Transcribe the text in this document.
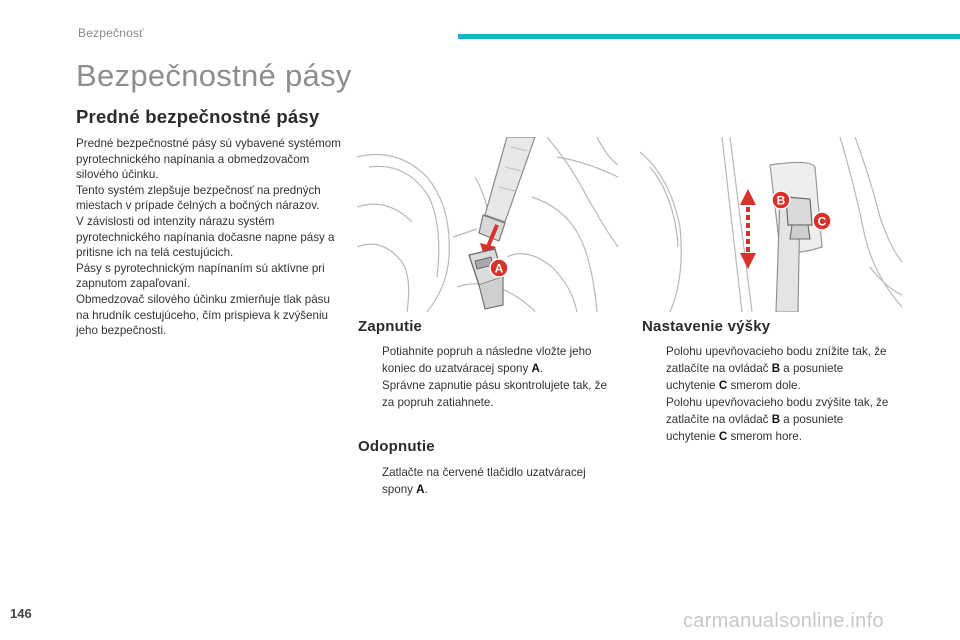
Bezpečnosť
Bezpečnostné pásy
Predné bezpečnostné pásy

Predné bezpečnostné pásy sú vybavené systémom pyrotechnického napínania a obmedzovačom silového účinku.

Tento systém zlepšuje bezpečnosť na predných miestach v prípade čelných a bočných nárazov.

V závislosti od intenzity nárazu systém pyrotechnického napínania dočasne napne pásy a pritisne ich na telá cestujúcich.

Pásy s pyrotechnickým napínaním sú aktívne pri zapnutom zapaľovaní.

Obmedzovač silového účinku zmierňuje tlak pásu na hrudník cestujúceho, čím prispieva k zvýšeniu jeho bezpečnosti.

A
B
C
Zapnutie
Potiahnite popruh a následne vložte jeho koniec do uzatváracej spony A.
Správne zapnutie pásu skontrolujete tak, že za popruh zatiahnete.
Odopnutie
Zatlačte na červené tlačidlo uzatváracej spony A.
Nastavenie výšky
Polohu upevňovacieho bodu znížite tak, že zatlačíte na ovládač B a posuniete uchytenie C smerom dole.
Polohu upevňovacieho bodu zvýšite tak, že zatlačíte na ovládač B a posuniete uchytenie C smerom hore.
146	carmanualsonline.info
